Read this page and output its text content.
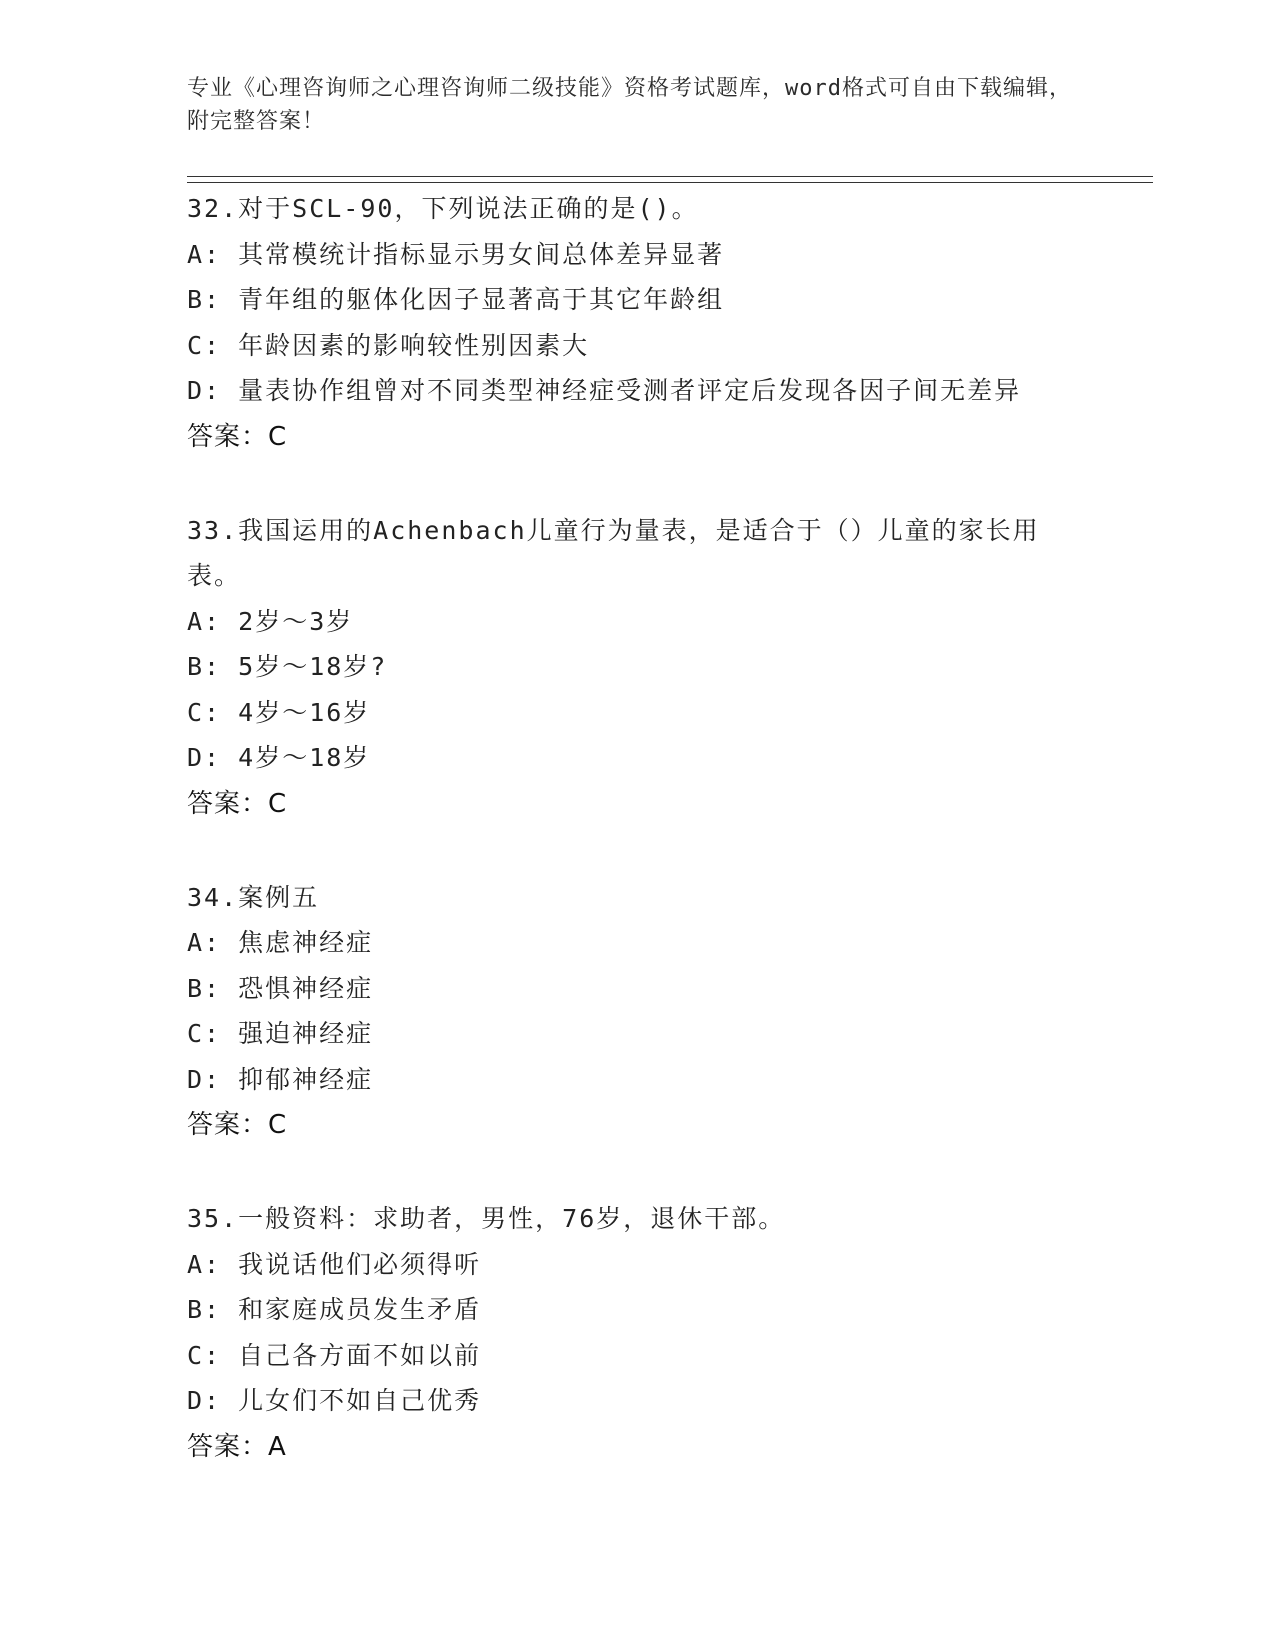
专业《心理咨询师之心理咨询师二级技能》资格考试题库，word格式可自由下载编辑，附完整答案！
32.对于SCL-90，下列说法正确的是()。
A: 其常模统计指标显示男女间总体差异显著
B: 青年组的躯体化因子显著高于其它年龄组
C: 年龄因素的影响较性别因素大
D: 量表协作组曾对不同类型神经症受测者评定后发现各因子间无差异
答案：C
33.我国运用的Achenbach儿童行为量表，是适合于（）儿童的家长用表。
A: 2岁～3岁
B: 5岁～18岁?
C: 4岁～16岁
D: 4岁～18岁
答案：C
34.案例五
A: 焦虑神经症
B: 恐惧神经症
C: 强迫神经症
D: 抑郁神经症
答案：C
35.一般资料：求助者，男性，76岁，退休干部。
A: 我说话他们必须得听
B: 和家庭成员发生矛盾
C: 自己各方面不如以前
D: 儿女们不如自己优秀
答案：A
